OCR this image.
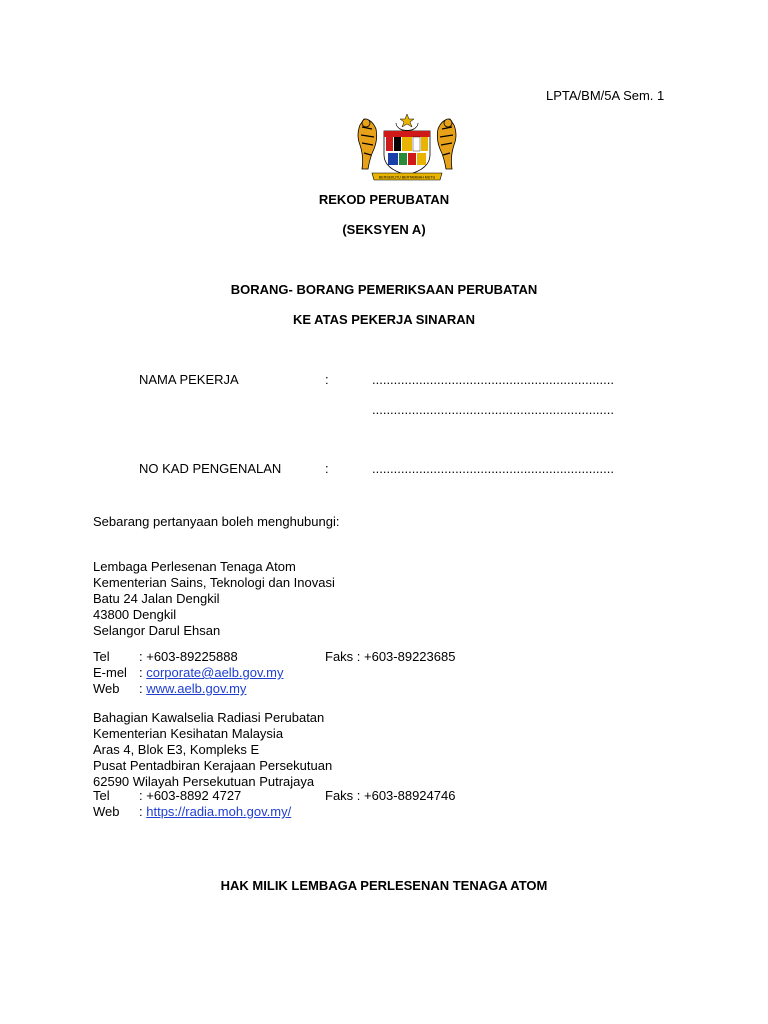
LPTA/BM/5A Sem. 1

BERSEKUTU BERTAMBAH MUTU

REKOD PERUBATAN

(SEKSYEN A)

BORANG- BORANG PEMERIKSAAN PERUBATAN

KE ATAS PEKERJA SINARAN

NAMA PEKERJA	:	...................................................................

...................................................................

NO KAD PENGENALAN	:	...................................................................

Sebarang pertanyaan boleh menghubungi:

Lembaga Perlesenan Tenaga Atom

Kementerian Sains, Teknologi dan Inovasi

Batu 24 Jalan Dengkil

43800 Dengkil

Selangor Darul Ehsan

Tel : +603-89225888	Faks : +603-89223685

E-mel : corporate@aelb.gov.my

Web : www.aelb.gov.my

Bahagian Kawalselia Radiasi Perubatan

Kementerian Kesihatan Malaysia

Aras 4, Blok E3, Kompleks E

Pusat Pentadbiran Kerajaan Persekutuan

62590 Wilayah Persekutuan Putrajaya

Tel : +603-8892 4727	Faks : +603-88924746

Web : https://radia.moh.gov.my/

HAK MILIK LEMBAGA PERLESENAN TENAGA ATOM
